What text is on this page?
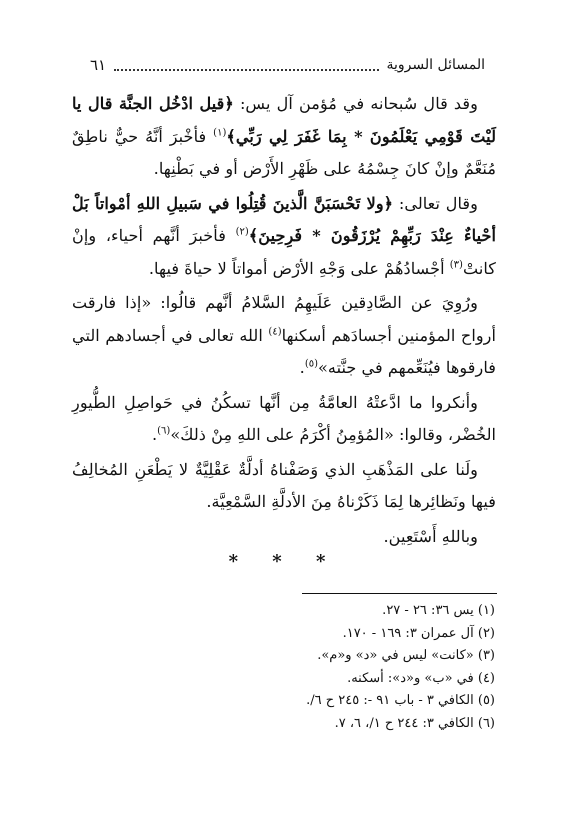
المسائل السروية
٦١

وقد قال سُبحانه في مُؤمن آل يس: ﴿قيل ادْخُل الجنَّة قال يا لَيْتَ قَوْمِي يَعْلَمُونَ * بِمَا غَفَرَ لِي رَبِّي﴾$^{(١)}$ فأخْبرَ أنَّهُ حيٌّ ناطِقٌ مُنَعَّمٌ وإنْ كانَ جِسْمُهُ على ظَهْرِ الأَرْض أو في بَطْنِها.

وقال تعالى: ﴿ولا تَحْسَبَنَّ الَّذينَ قُتِلُوا في سَبيلِ اللهِ أمْواتاً بَلْ أحْياءٌ عِنْدَ رَبِّهِمْ يُرْزَقُونَ * فَرِحِينَ﴾$^{(٢)}$ فأخبرَ أنَّهم أحياء، وإنْ كانتْ$^{(٣)}$ أجْسادُهُمْ على وَجْهِ الأرْض أمواتاً لا حياةَ فيها.

ورُوِيَ عن الصَّادِقين عَلَيهِمُ السَّلامُ أنَّهم قالُوا: «إذا فارقت أرواح المؤمنين أجسادَهم أسكنها$^{(٤)}$ الله تعالى في أجسادهم التي فارقوها فيُنَعِّمهم في جنَّته»$^{(٥)}$.

وأنكروا ما ادَّعتْهُ العامَّةُ مِن أنَّها تسكُنُ في حَواصِلِ الطُّيورِ الخُضْر، وقالوا: «المُؤمِنُ أكْرَمُ على اللهِ مِنْ ذلكَ»$^{(٦)}$.

ولَنا على المَذْهَبِ الذي وَصَفْناهُ أدلَّةٌ عَقْلِيَّةٌ لا يَطْعَنِ المُخالِفُ فيها ونَظائِرها لِمَا ذَكَرْناهُ مِنَ الأدلَّةِ السَّمْعِيَّة.

وباللهِ أَسْتَعِين.

* * *
(١) يس ٣٦: ٢٦ - ٢٧.
(٢) آل عمران ٣: ١٦٩ - ١٧٠.
(٣) «كانت» ليس في «د» و«م».
(٤) في «ب» و«د»: أسكنه.
(٥) الكافي ٣ - باب ٩١ -: ٢٤٥ ح ٦/.
(٦) الكافي ٣: ٢٤٤ ح ١/، ٦، ٧.
